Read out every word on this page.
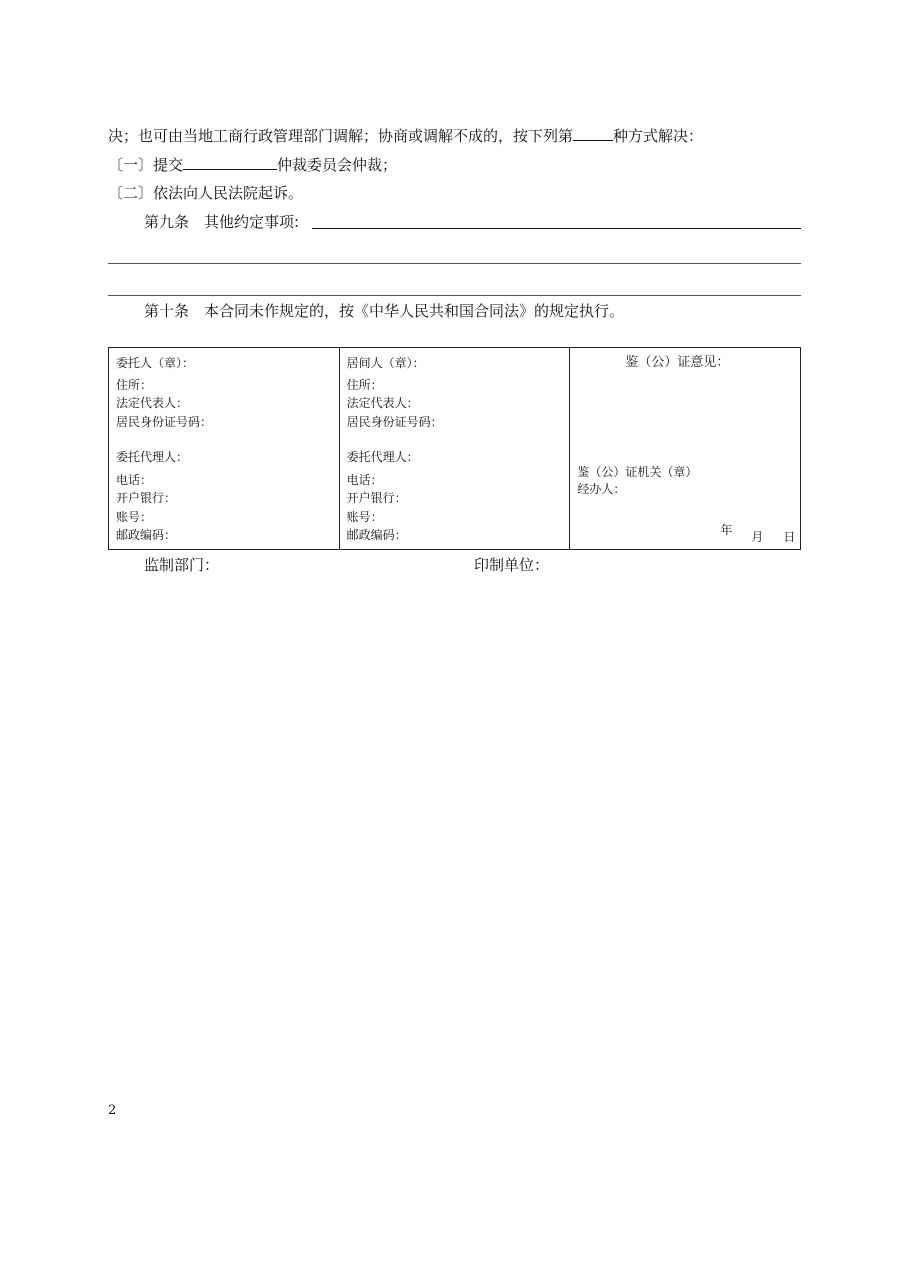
决；也可由当地工商行政管理部门调解；协商或调解不成的，按下列第	种方式解决：
〔一〕提交	仲裁委员会仲裁；
〔二〕依法向人民法院起诉。
第九条　其他约定事项:
第十条　本合同未作规定的，按《中华人民共和国合同法》的规定执行。
委托人（章）：
住所：
法定代表人：
居民身份证号码：
委托代理人：
电话：
开户银行：
账号：
邮政编码：

居间人（章）：
住所：
法定代表人：
居民身份证号码：
委托代理人：
电话：
开户银行：
账号：
邮政编码：

鉴（公）证意见：
鉴（公）证机关（章）
经办人：
年 月 日
监制部门：	印制单位：
2
